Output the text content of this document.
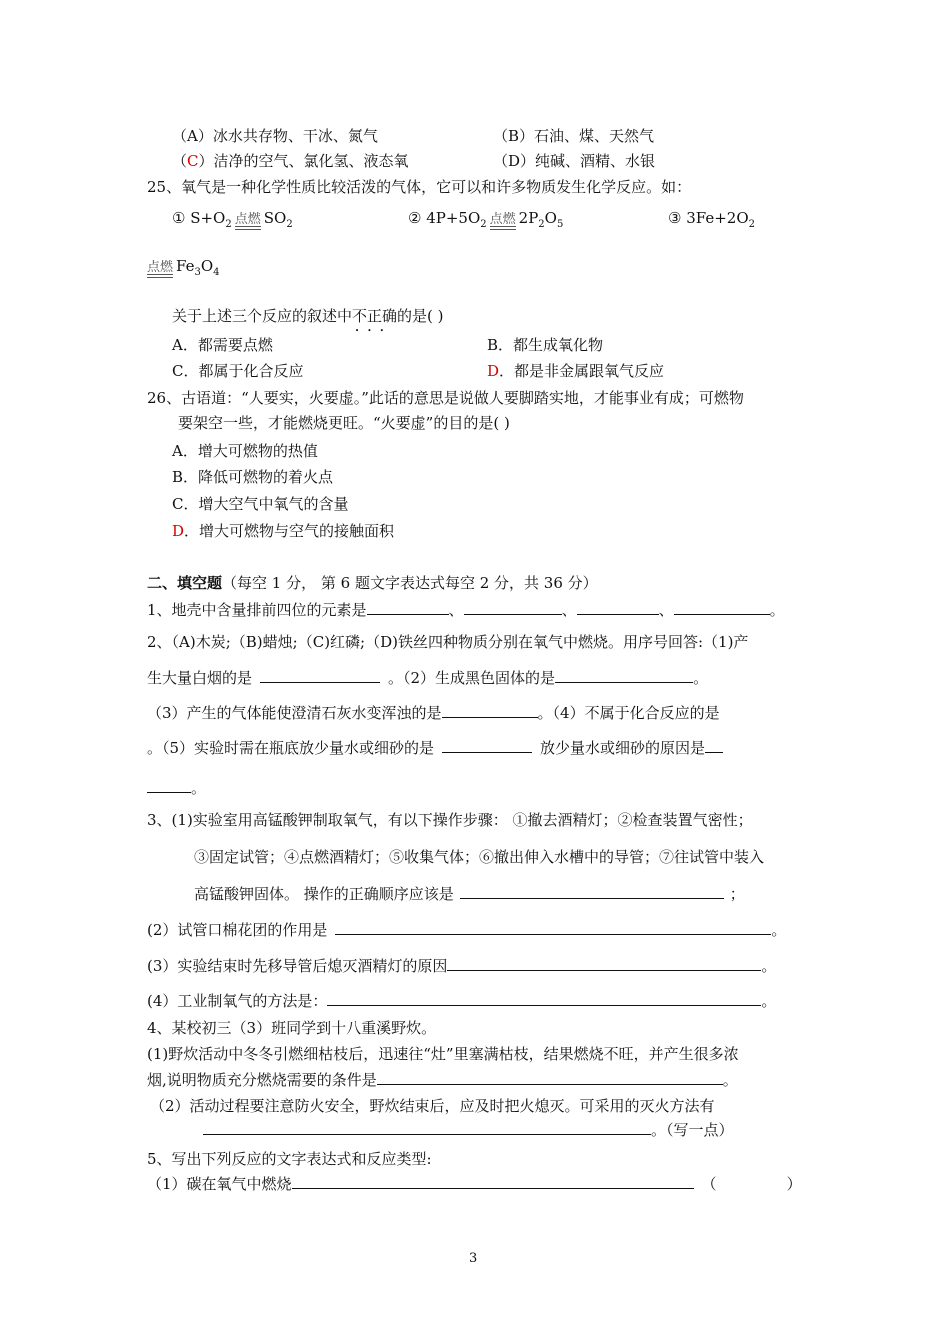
（A）冰水共存物、干冰、氮气	（B）石油、煤、天然气
（C）洁净的空气、氯化氢、液态氧	（D）纯碱、酒精、水银
25、氧气是一种化学性质比较活泼的气体，它可以和许多物质发生化学反应。如：
① $S+O_2$ 点燃 $SO_2$	② $4P+5O_2$ 点燃 $2P_2O_5$	③ $3Fe+2O_2$
点燃 $Fe_3O_4$
关于上述三个反应的叙述中不正确 • • •的是( )
A．都需要点燃	B．都生成氧化物
C．都属于化合反应	D．都是非金属跟氧气反应
26、古语道：“人要实，火要虚。”此话的意思是说做人要脚踏实地，才能事业有成；可燃物
要架空一些，才能燃烧更旺。“火要虚”的目的是( )
A．增大可燃物的热值
B．降低可燃物的着火点
C．增大空气中氧气的含量
D．增大可燃物与空气的接触面积
二、填空题（每空 1 分， 第 6 题文字表达式每空 2 分，共 36 分）
1、地壳中含量排前四位的元素是	、	、	、	。
2、（A)木炭;（B)蜡烛;（C)红磷;（D)铁丝四种物质分别在氧气中燃烧。用序号回答:（1)产
生大量白烟的是	。（2）生成黑色固体的是	。
（3）产生的气体能使澄清石灰水变浑浊的是	。（4）不属于化合反应的是
。（5）实验时需在瓶底放少量水或细砂的是	放少量水或细砂的原因是
。
3、(1)实验室用高锰酸钾制取氧气，有以下操作步骤： ①撤去酒精灯；②检查装置气密性；
③固定试管；④点燃酒精灯；⑤收集气体；⑥撤出伸入水槽中的导管；⑦往试管中装入
高锰酸钾固体。 操作的正确顺序应该是	；
(2）试管口棉花团的作用是	。
(3）实验结束时先移导管后熄灭酒精灯的原因	。
(4）工业制氧气的方法是：	。
4、某校初三（3）班同学到十八重溪野炊。
(1)野炊活动中冬冬引燃细枯枝后，迅速往“灶”里塞满枯枝，结果燃烧不旺，并产生很多浓
烟,说明物质充分燃烧需要的条件是	。
（2）活动过程要注意防火安全，野炊结束后，应及时把火熄灭。可采用的灭火方法有
。（写一点）
5、写出下列反应的文字表达式和反应类型:
（1）碳在氧气中燃烧	（	）
3
